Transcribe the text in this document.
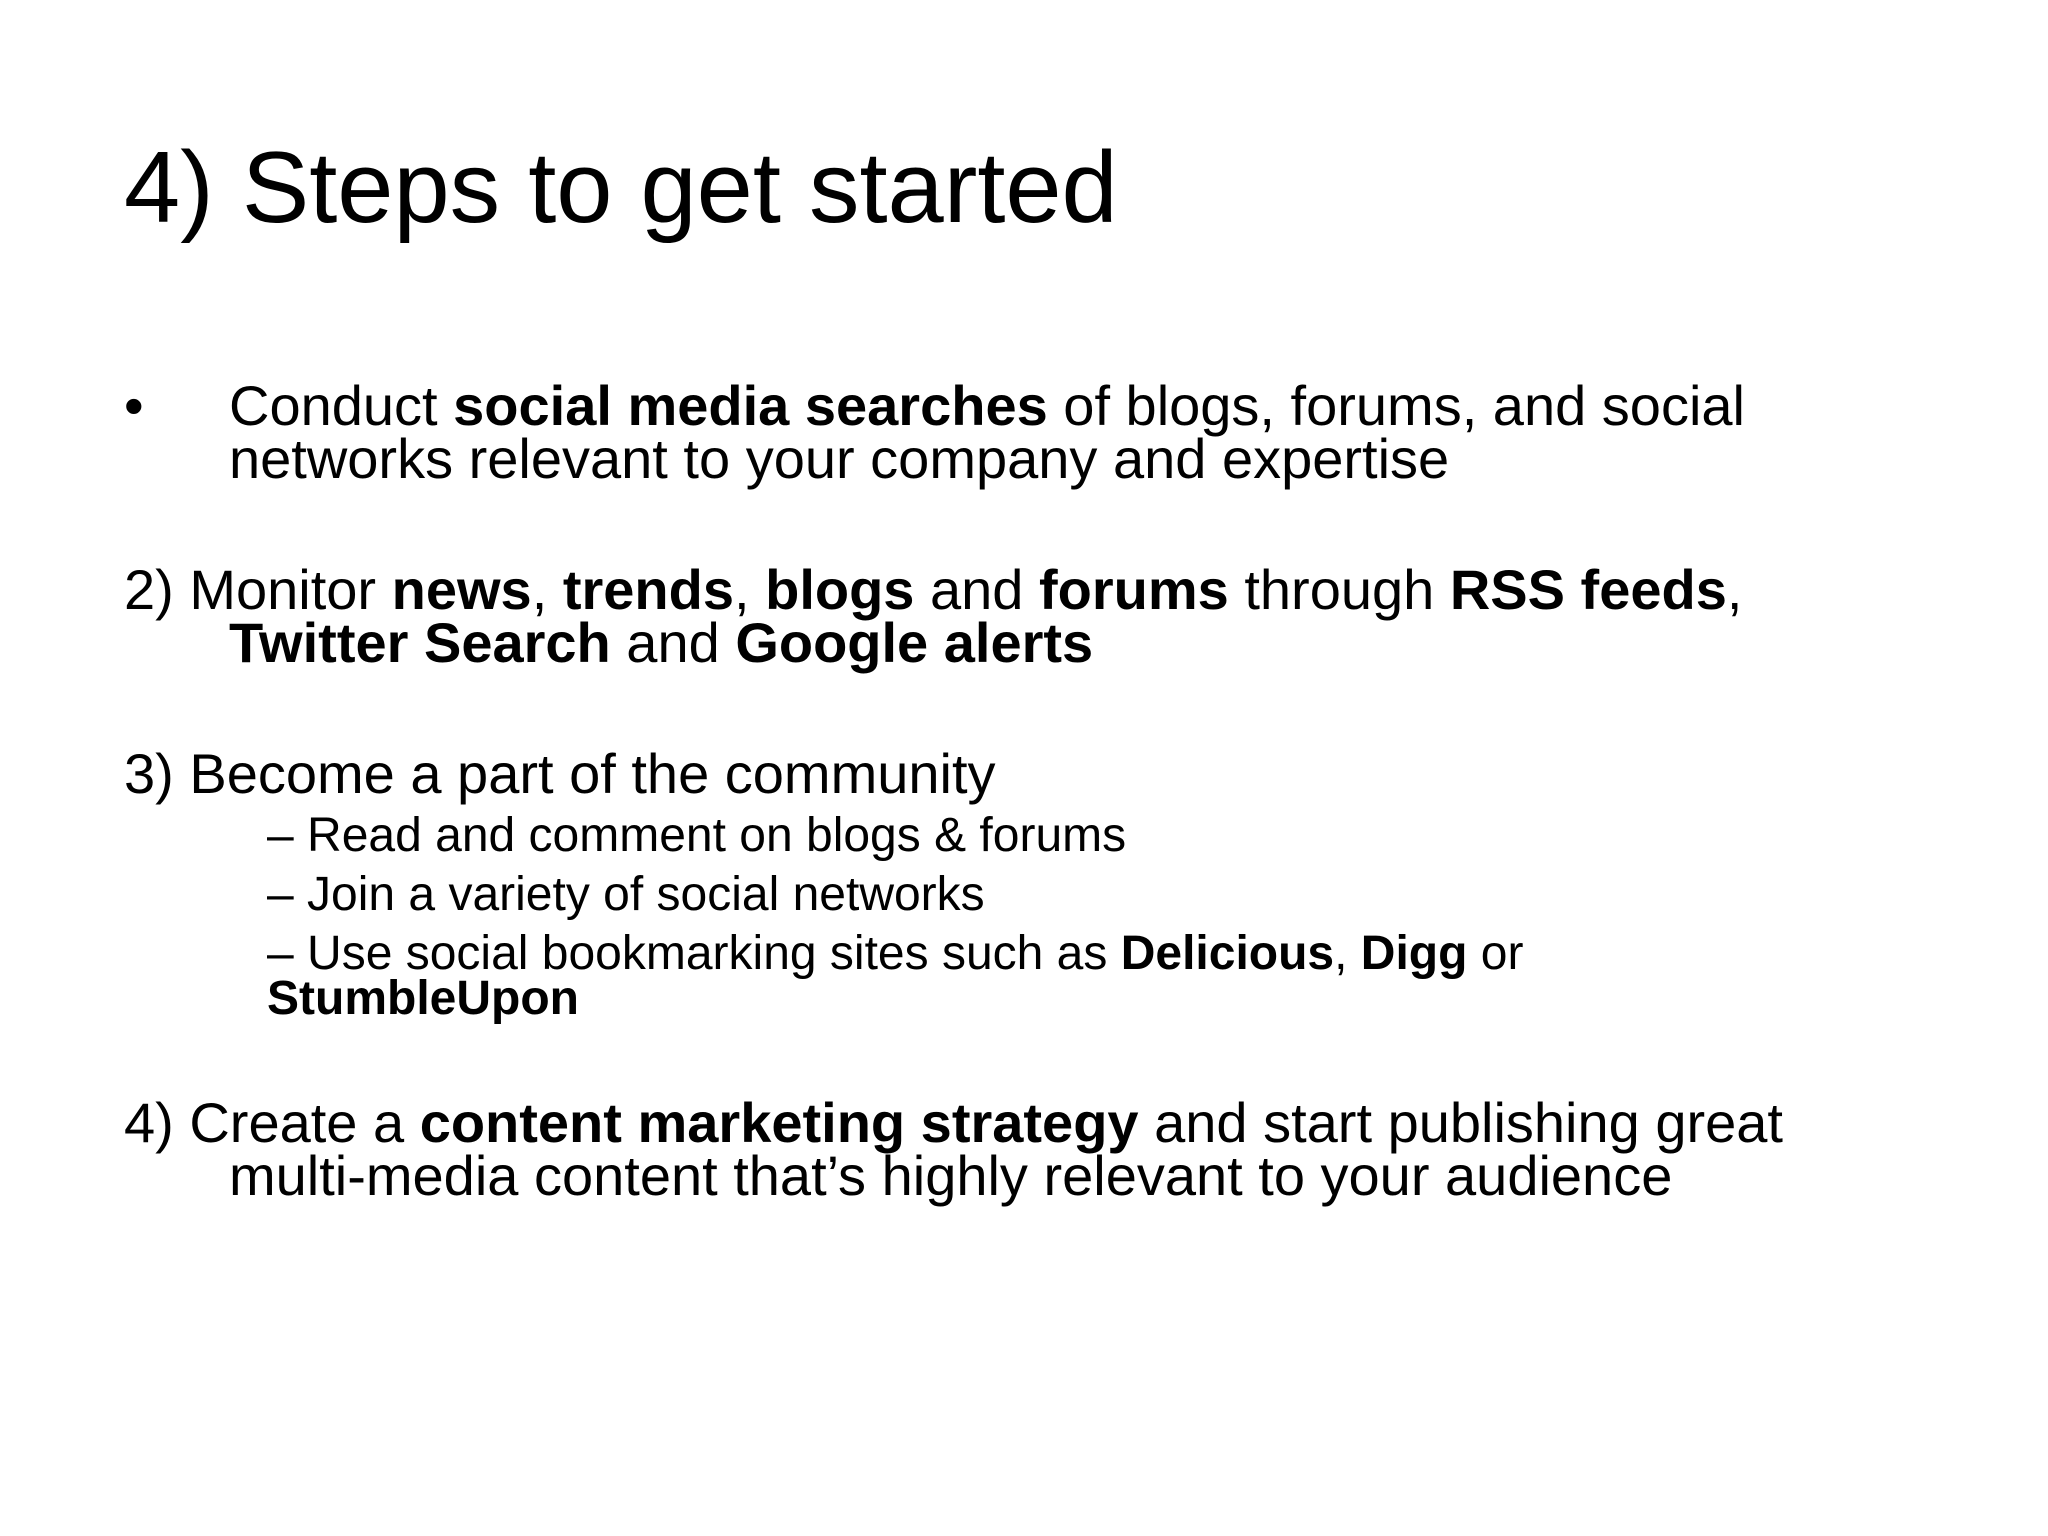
4) Steps to get started
• Conduct social media searches of blogs, forums, and social
networks relevant to your company and expertise
2) Monitor news, trends, blogs and forums through RSS feeds,
Twitter Search and Google alerts
3) Become a part of the community
– Read and comment on blogs & forums
– Join a variety of social networks
– Use social bookmarking sites such as Delicious, Digg or
StumbleUpon
4) Create a content marketing strategy and start publishing great
multi-media content that’s highly relevant to your audience
